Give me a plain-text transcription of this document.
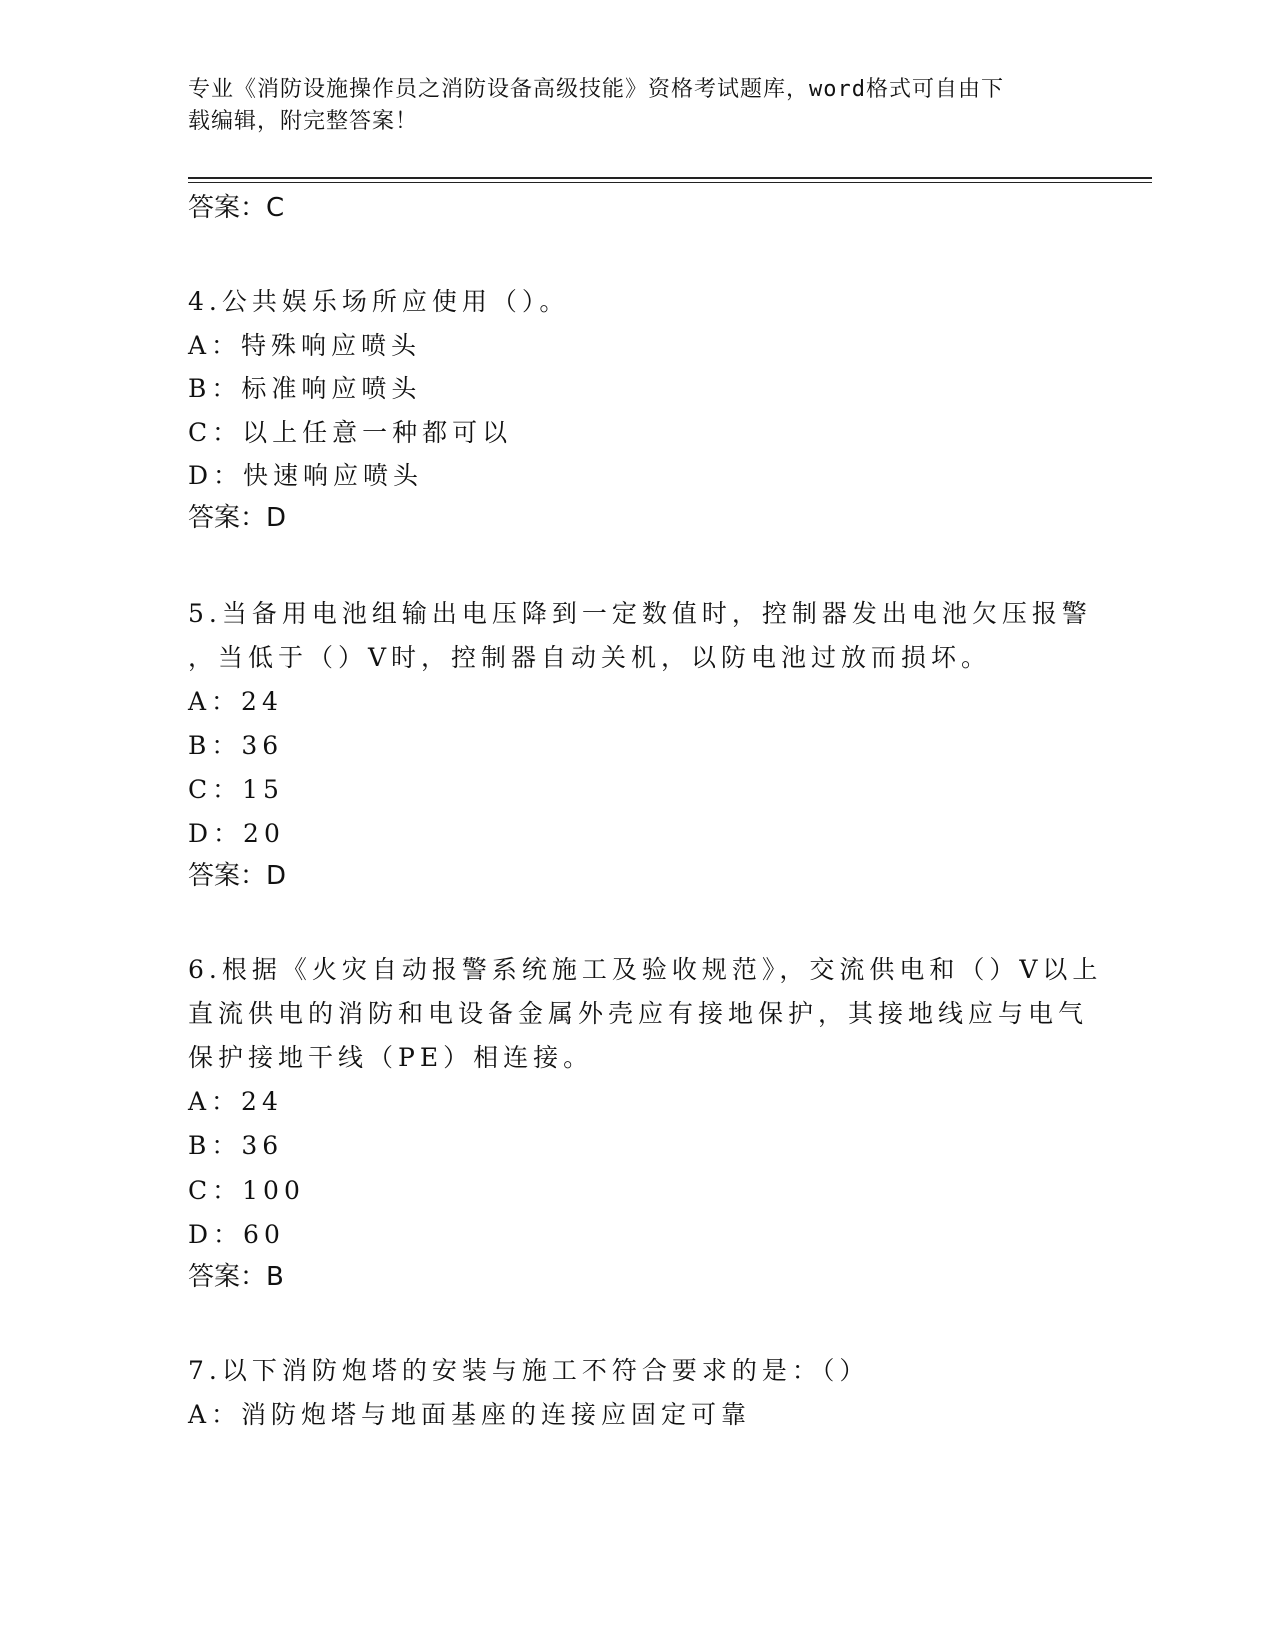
专业《消防设施操作员之消防设备高级技能》资格考试题库，word格式可自由下
载编辑，附完整答案！
答案：C
4.公共娱乐场所应使用（）。
A：特殊响应喷头
B：标准响应喷头
C：以上任意一种都可以
D：快速响应喷头
答案：D
5.当备用电池组输出电压降到一定数值时，控制器发出电池欠压报警
，当低于（）V时，控制器自动关机，以防电池过放而损坏。
A：24
B：36
C：15
D：20
答案：D
6.根据《火灾自动报警系统施工及验收规范》，交流供电和（）V以上
直流供电的消防和电设备金属外壳应有接地保护，其接地线应与电气
保护接地干线（PE）相连接。
A：24
B：36
C：100
D：60
答案：B
7.以下消防炮塔的安装与施工不符合要求的是：（）
A：消防炮塔与地面基座的连接应固定可靠
